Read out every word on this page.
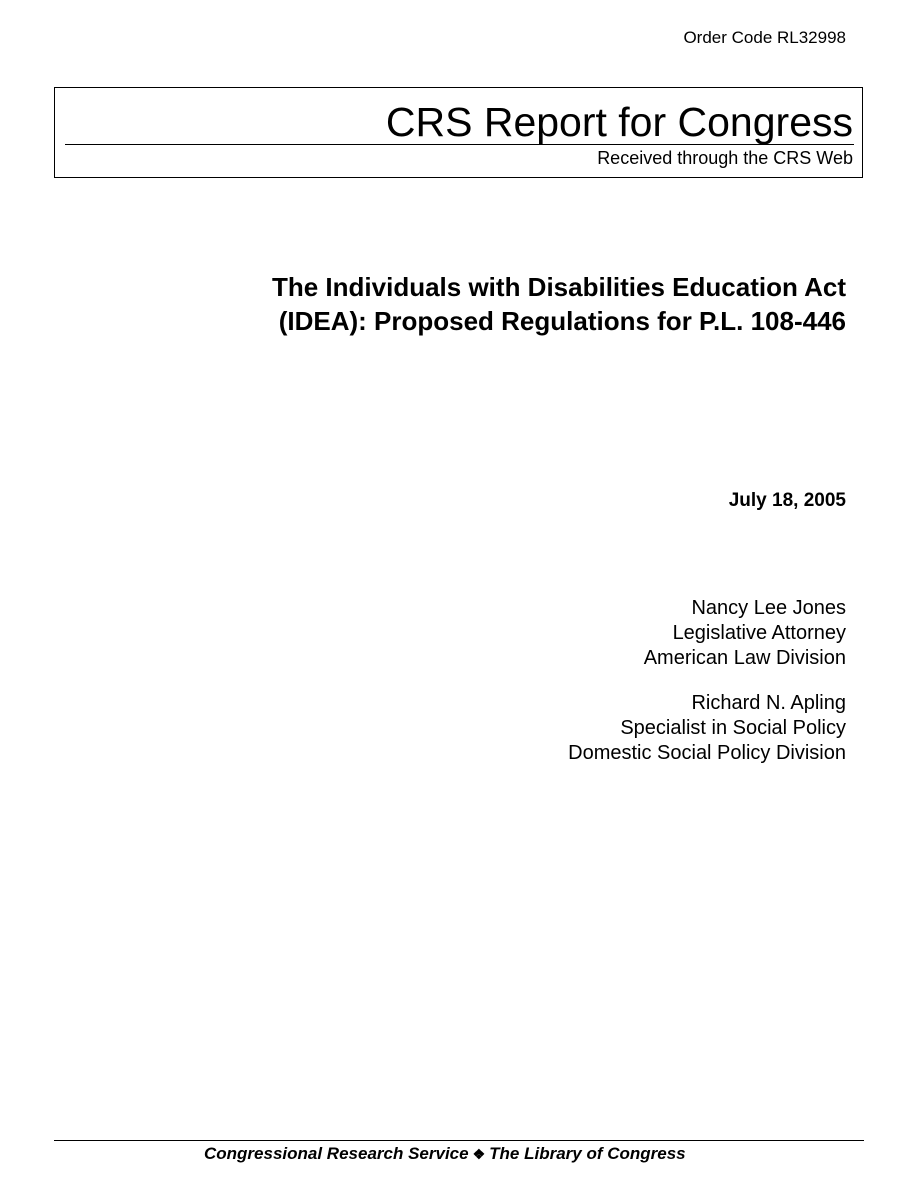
Order Code RL32998
CRS Report for Congress
Received through the CRS Web
The Individuals with Disabilities Education Act
(IDEA): Proposed Regulations for P.L. 108-446
July 18, 2005
Nancy Lee Jones
Legislative Attorney
American Law Division
Richard N. Apling
Specialist in Social Policy
Domestic Social Policy Division
Congressional Research Service ❖ The Library of Congress
